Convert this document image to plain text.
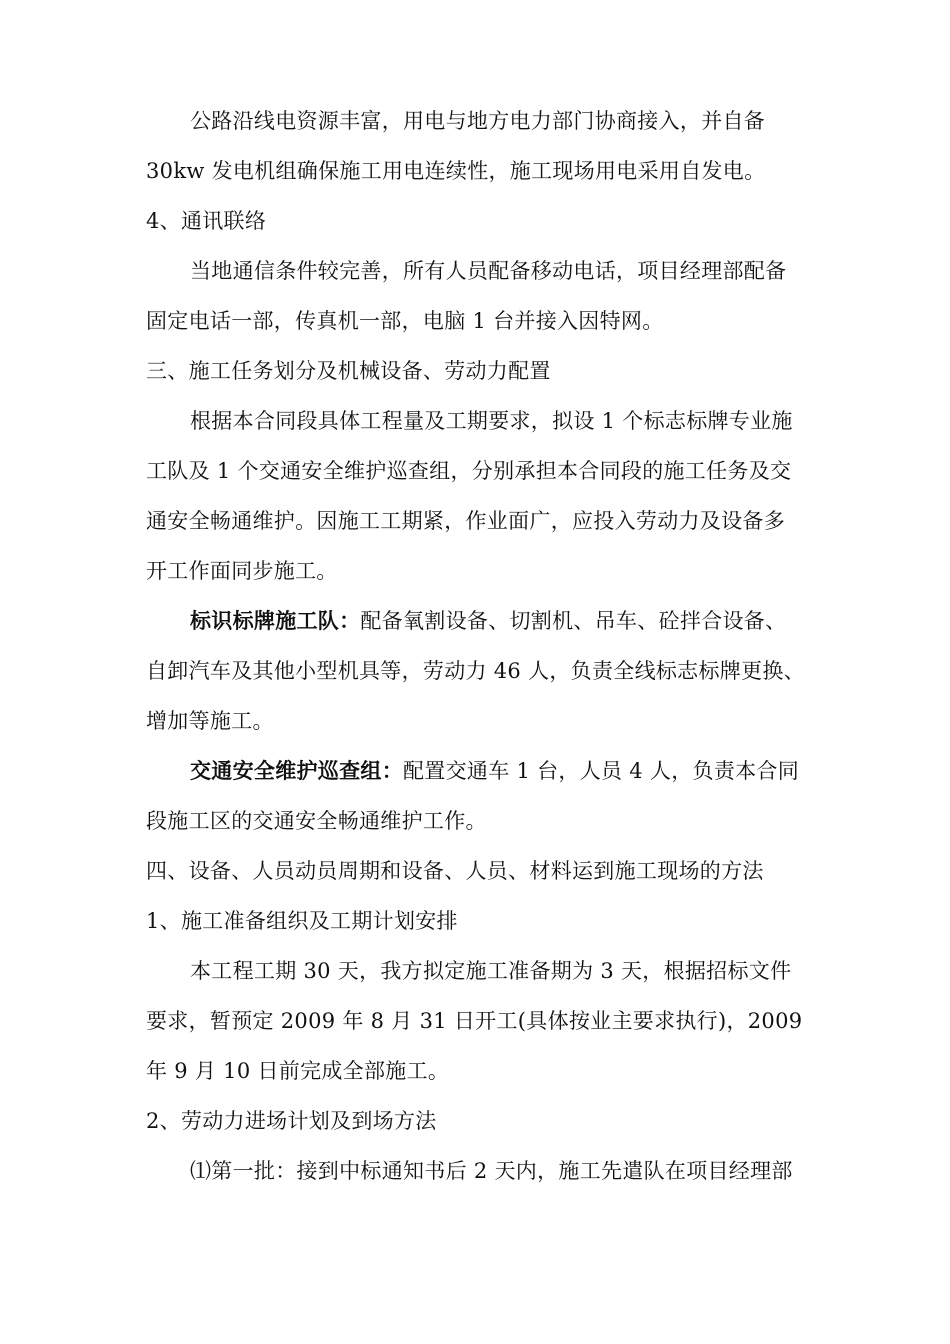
公路沿线电资源丰富，用电与地方电力部门协商接入，并自备
30kw 发电机组确保施工用电连续性，施工现场用电采用自发电。
4、通讯联络
当地通信条件较完善，所有人员配备移动电话，项目经理部配备
固定电话一部，传真机一部，电脑 1 台并接入因特网。
三、施工任务划分及机械设备、劳动力配置
根据本合同段具体工程量及工期要求，拟设 1 个标志标牌专业施
工队及 1 个交通安全维护巡查组，分别承担本合同段的施工任务及交
通安全畅通维护。因施工工期紧，作业面广，应投入劳动力及设备多
开工作面同步施工。
标识标牌施工队：配备氧割设备、切割机、吊车、砼拌合设备、
自卸汽车及其他小型机具等，劳动力 46 人，负责全线标志标牌更换、
增加等施工。
交通安全维护巡查组：配置交通车 1 台，人员 4 人，负责本合同
段施工区的交通安全畅通维护工作。
四、设备、人员动员周期和设备、人员、材料运到施工现场的方法
1、施工准备组织及工期计划安排
本工程工期 30 天，我方拟定施工准备期为 3 天，根据招标文件
要求，暂预定 2009 年 8 月 31 日开工(具体按业主要求执行)，2009
年 9 月 10 日前完成全部施工。
2、劳动力进场计划及到场方法
⑴第一批：接到中标通知书后 2 天内，施工先遣队在项目经理部
